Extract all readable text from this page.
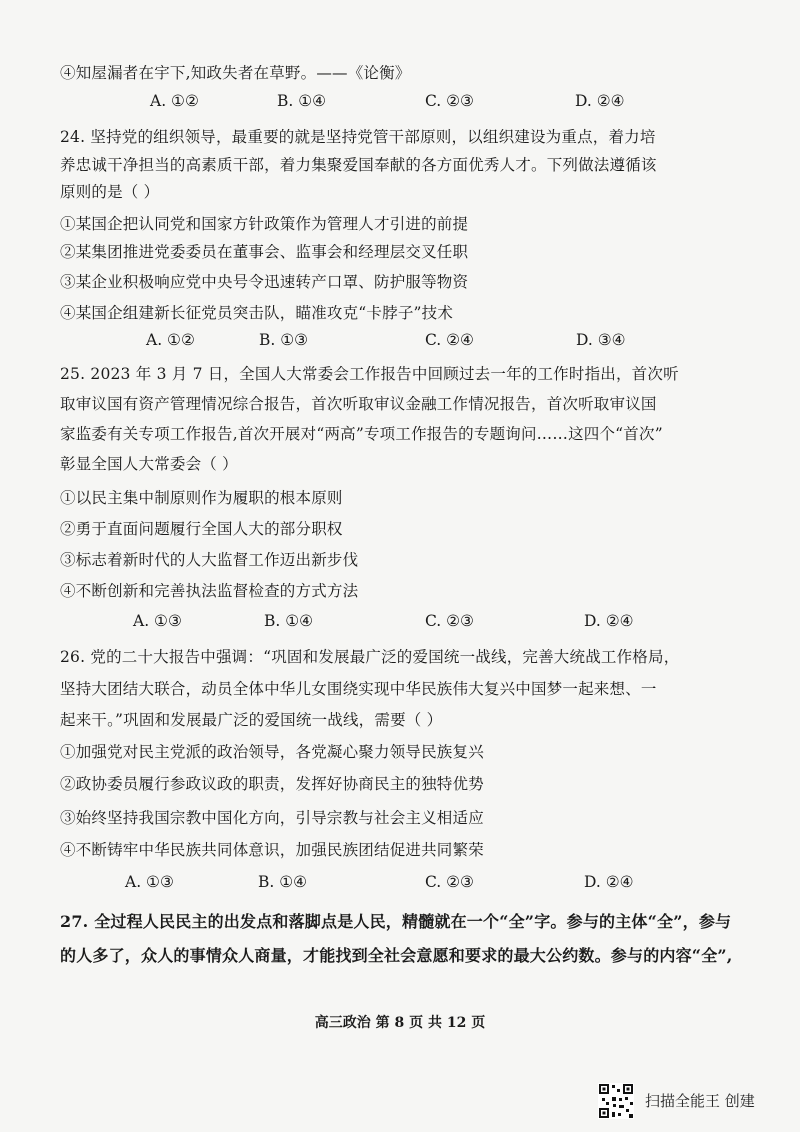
④知屋漏者在宇下,知政失者在草野。——《论衡》
A. ①②	B. ①④	C. ②③	D. ②④
24. 坚持党的组织领导，最重要的就是坚持党管干部原则，以组织建设为重点，着力培
养忠诚干净担当的高素质干部，着力集聚爱国奉献的各方面优秀人才。下列做法遵循该
原则的是（ ）
①某国企把认同党和国家方针政策作为管理人才引进的前提
②某集团推进党委委员在董事会、监事会和经理层交叉任职
③某企业积极响应党中央号令迅速转产口罩、防护服等物资
④某国企组建新长征党员突击队，瞄准攻克“卡脖子”技术
A. ①②	B. ①③	C. ②④	D. ③④
25. 2023 年 3 月 7 日，全国人大常委会工作报告中回顾过去一年的工作时指出，首次听
取审议国有资产管理情况综合报告，首次听取审议金融工作情况报告，首次听取审议国
家监委有关专项工作报告,首次开展对“两高”专项工作报告的专题询问……这四个“首次”
彰显全国人大常委会（ ）
①以民主集中制原则作为履职的根本原则
②勇于直面问题履行全国人大的部分职权
③标志着新时代的人大监督工作迈出新步伐
④不断创新和完善执法监督检查的方式方法
A. ①③	B. ①④	C. ②③	D. ②④
26. 党的二十大报告中强调：“巩固和发展最广泛的爱国统一战线，完善大统战工作格局，
坚持大团结大联合，动员全体中华儿女围绕实现中华民族伟大复兴中国梦一起来想、一
起来干。”巩固和发展最广泛的爱国统一战线，需要（ ）
①加强党对民主党派的政治领导，各党凝心聚力领导民族复兴
②政协委员履行参政议政的职责，发挥好协商民主的独特优势
③始终坚持我国宗教中国化方向，引导宗教与社会主义相适应
④不断铸牢中华民族共同体意识，加强民族团结促进共同繁荣
A. ①③	B. ①④	C. ②③	D. ②④
27. 全过程人民民主的出发点和落脚点是人民，精髓就在一个“全”字。参与的主体“全”，参与
的人多了，众人的事情众人商量，才能找到全社会意愿和要求的最大公约数。参与的内容“全”,
高三政治 第 8 页 共 12 页
扫描全能王 创建
